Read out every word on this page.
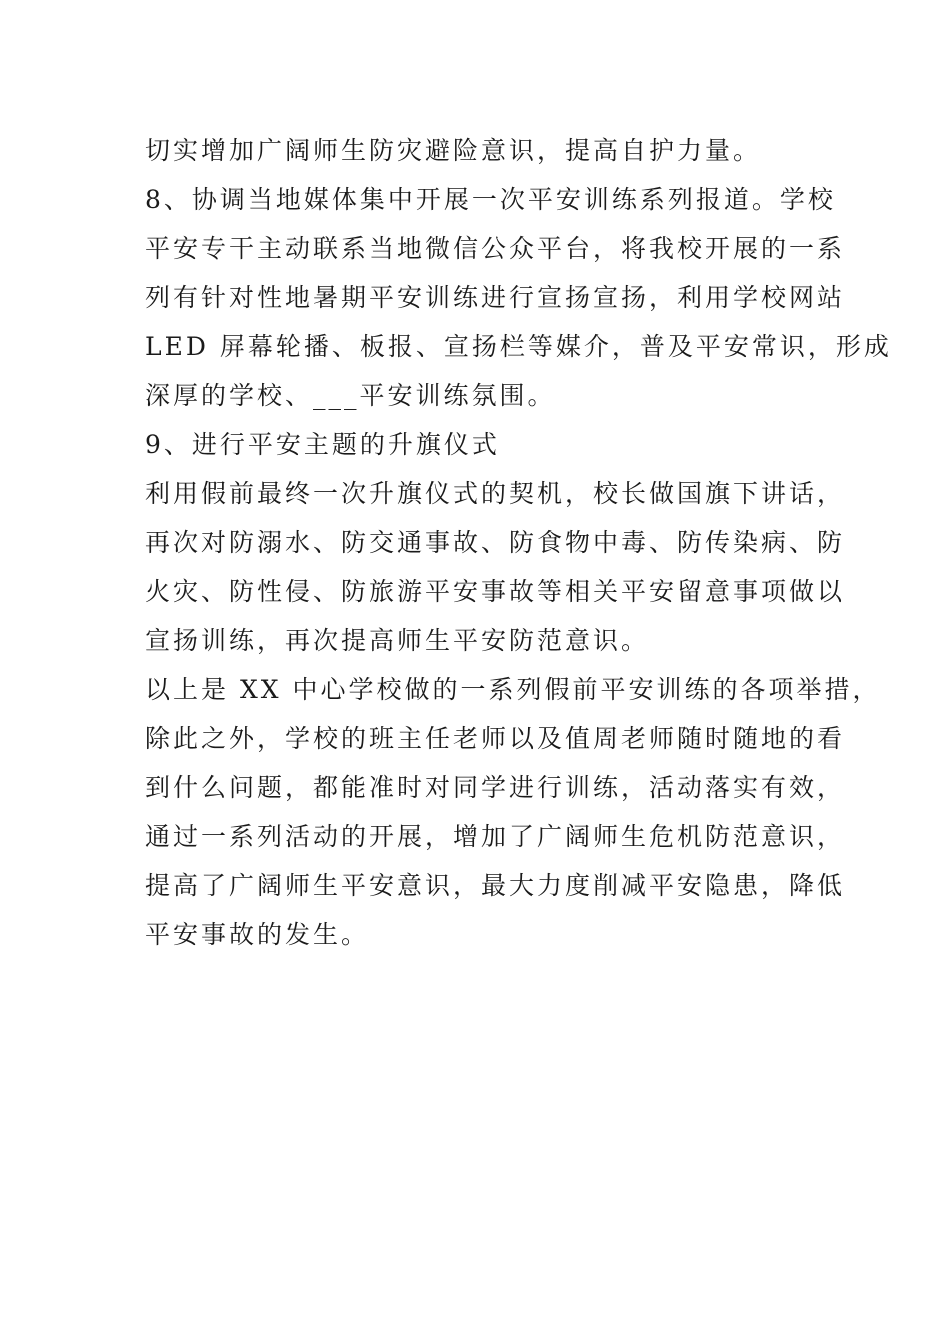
切实增加广阔师生防灾避险意识，提高自护力量。
8、协调当地媒体集中开展一次平安训练系列报道。学校
平安专干主动联系当地微信公众平台，将我校开展的一系
列有针对性地暑期平安训练进行宣扬宣扬，利用学校网站
LED 屏幕轮播、板报、宣扬栏等媒介，普及平安常识，形成
深厚的学校、___平安训练氛围。
9、进行平安主题的升旗仪式
利用假前最终一次升旗仪式的契机，校长做国旗下讲话，
再次对防溺水、防交通事故、防食物中毒、防传染病、防
火灾、防性侵、防旅游平安事故等相关平安留意事项做以
宣扬训练，再次提高师生平安防范意识。
以上是 XX 中心学校做的一系列假前平安训练的各项举措，
除此之外，学校的班主任老师以及值周老师随时随地的看
到什么问题，都能准时对同学进行训练，活动落实有效，
通过一系列活动的开展，增加了广阔师生危机防范意识，
提高了广阔师生平安意识，最大力度削减平安隐患，降低
平安事故的发生。
